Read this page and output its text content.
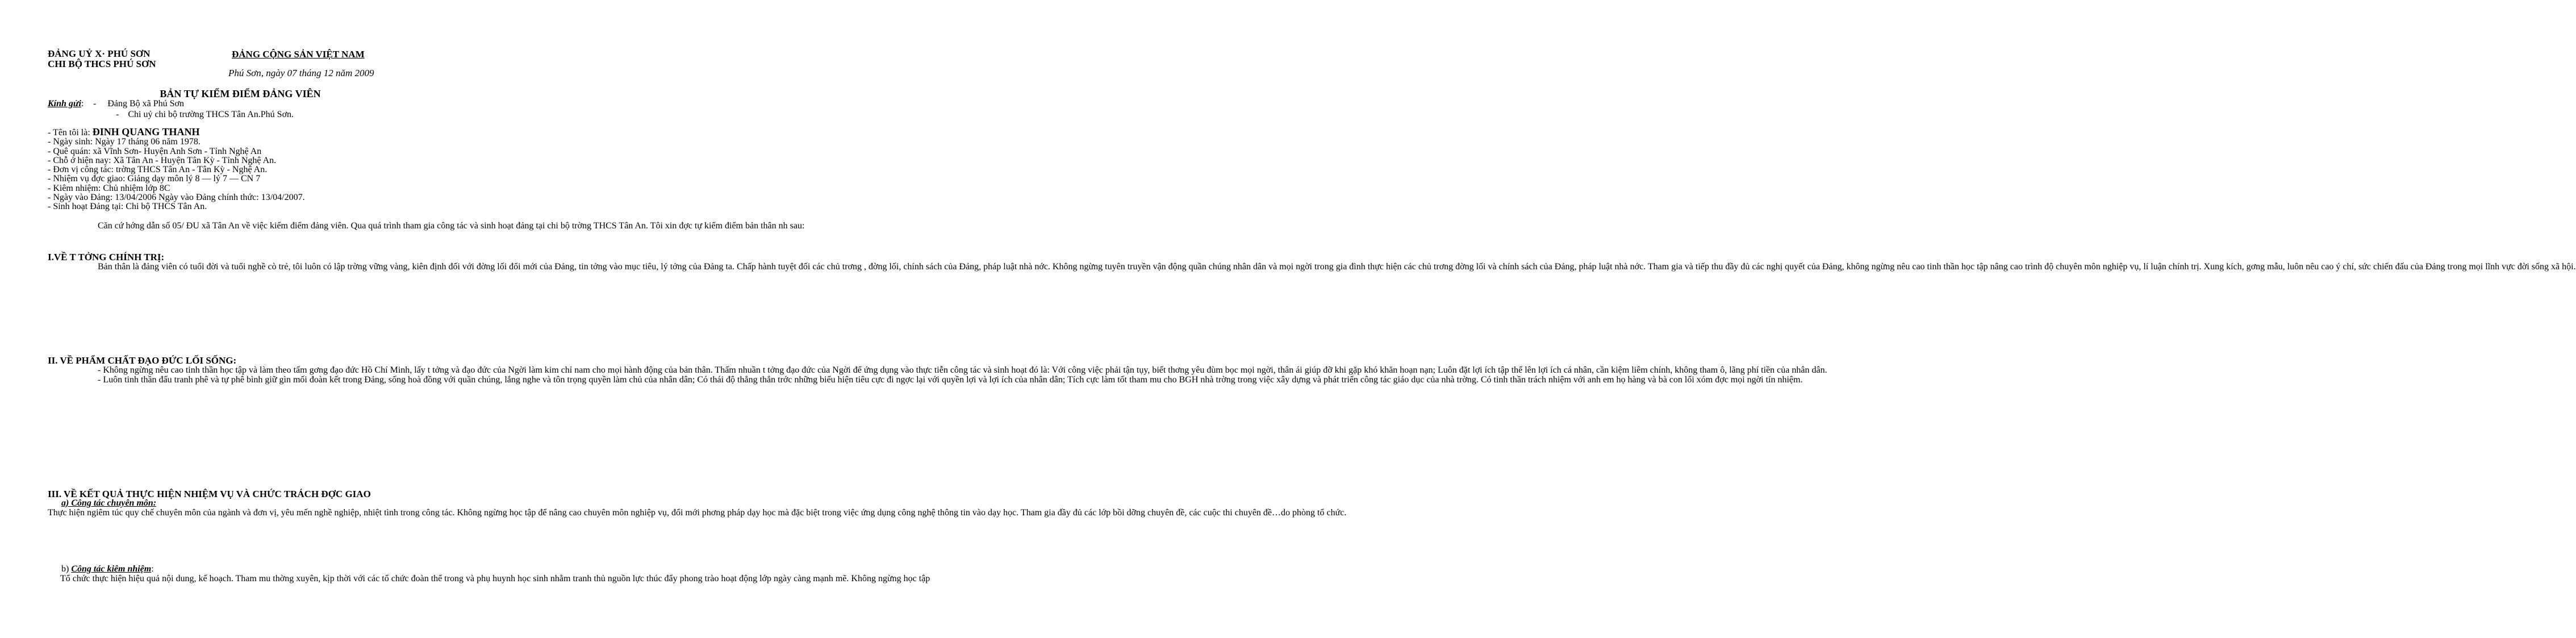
ĐẢNG UỶ X· PHÚ SƠN
CHI BỘ THCS PHÚ SƠN
ĐẢNG CỘNG SẢN VIỆT NAM
Phú Sơn, ngày 07 tháng 12 năm 2009
BẢN TỰ KIỂM ĐIỂM ĐẢNG VIÊN
Kính gửi: -     Đảng Bộ xã Phú Sơn
-    Chi uỷ chi bộ trường THCS Tân An.Phú Sơn.
- Tên tôi là: ĐINH QUANG THANH
- Ngày sinh: Ngày 17 tháng 06 năm 1978.
- Quê quán: xã Vĩnh Sơn- Huyện Anh Sơn - Tỉnh Nghệ An
- Chỗ ở hiện nay: Xã Tân An - Huyện Tân Kỳ - Tỉnh Nghệ An.
- Đơn vị công tác: trờng THCS Tân An - Tân Kỳ - Nghệ An.
- Nhiệm vụ đợc giao: Giảng dạy môn lý 8 — lý 7 — CN 7
- Kiêm nhiệm: Chủ nhiệm lớp 8C
- Ngày vào Đảng: 13/04/2006 Ngày vào Đảng chính thức: 13/04/2007.
- Sinh hoạt Đảng tại: Chi bộ THCS Tân An.

Căn cứ hớng dẫn số 05/ ĐU xã Tân An về việc kiểm điểm đảng viên. Qua quá trình tham gia công tác và sinh hoạt đảng tại chi bộ trờng THCS Tân An. Tôi xin đợc tự kiểm điểm bản thân nh sau:

I.VỀ T TỞNG CHÍNH TRỊ:

Bản thân là đảng viên có tuổi đời và tuổi nghề cò trẻ, tôi luôn có lập trờng vững vàng, kiên định đối với đờng lối đổi mới của Đảng, tin tởng vào mục tiêu, lý tởng của Đảng ta. Chấp hành tuyệt đối các chủ trơng , đờng lối, chính sách của Đảng, pháp luật nhà nớc. Không ngừng tuyên truyền vận động quần chúng nhân dân và mọi ngời trong gia đình thực hiện các chủ trơng đờng lối và chính sách của Đảng, pháp luật nhà nớc. Tham gia và tiếp thu đầy đủ các nghị quyết của Đảng, không ngừng nêu cao tinh thần học tập nâng cao trình độ chuyên môn nghiệp vụ, lí luận chính trị. Xung kích, gơng mẫu, luôn nêu cao ý chí, sức chiến đấu của Đảng trong mọi lĩnh vực đời sống xã hội.

II. VỀ PHẨM CHẤT ĐẠO ĐỨC LỐI SỐNG:

- Không ngừng nêu cao tinh thần học tập và làm theo tấm gơng đạo đức Hồ Chí Minh, lấy t tởng và đạo đức của Ngời làm kim chỉ nam cho mọi hành động của bản thân. Thấm nhuần t tởng đạo đức của Ngời để ứng dụng vào thực tiễn công tác và sinh hoạt đó là: Với công việc phải tận tụy, biết thơng yêu đùm bọc mọi ngời, thân ái giúp đỡ khi gặp khó khăn hoạn nạn; Luôn đặt lợi ích tập thể lên lợi ích cá nhân, cần kiệm liêm chính, không tham ô, lãng phí tiền của nhân dân.

- Luôn tinh thần đấu tranh phê và tự phê bình giữ gìn mối đoàn kết trong Đảng, sống hoà đồng với quần chúng, lắng nghe và tôn trọng quyền làm chủ của nhân dân; Có thái độ thẳng thắn trớc những biểu hiện tiêu cực đi ngợc lại với quyền lợi và lợi ích của nhân dân; Tích cực làm tốt tham mu cho BGH nhà trờng trong việc xây dựng và phát triển công tác giáo dục của nhà trờng. Có tinh thần trách nhiệm với anh em họ hàng và bà con lối xóm đợc mọi ngời tín nhiệm.

III. VỀ KẾT QUẢ THỰC HIỆN NHIỆM VỤ VÀ CHỨC TRÁCH ĐỢC GIAO
a) Công tác chuyên môn:

Thực hiện ngiêm túc quy chế chuyên môn của ngành và đơn vị, yêu mến nghề nghiệp, nhiệt tình trong công tác. Không ngừng học tập để nâng cao chuyên môn nghiệp vụ, đổi mới phơng pháp dạy học mà đặc biệt trong việc ứng dụng công nghệ thông tin vào dạy học. Tham gia đầy đủ các lớp bồi dỡng chuyên đề, các cuộc thi chuyên đề…do phòng tổ chức.

b) Công tác kiêm nhiệm:

Tổ chức thực hiện hiệu quả nội dung, kế hoạch. Tham mu thờng xuyên, kịp thời với các tổ chức đoàn thể trong và phụ huynh học sinh nhằm tranh thủ nguồn lực thúc đẩy phong trào hoạt động lớp ngày càng mạnh mẽ. Không ngừng học tập
